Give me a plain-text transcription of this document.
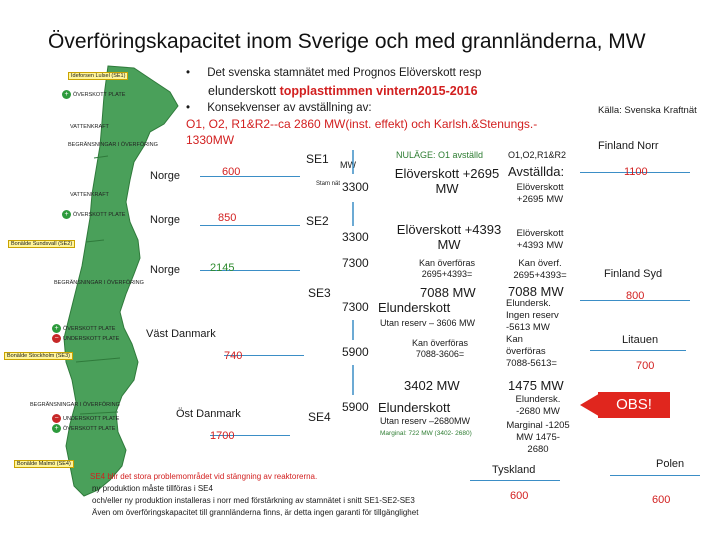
Överföringskapacitet inom Sverige och med grannländerna, MW
• Det svenska stamnätet med Prognos Elöverskott resp
elunderskott topplasttimmen vintern2015-2016
• Konsekvenser av avställning av:
O1, O2, R1&R2--ca 2860 MW(inst. effekt) och Karlsh.&Stenungs.-
1330MW
Källa: Svenska Kraftnät
Ideforsen Lulsel (SE1)
Bonälde Sundsvall (SE2)
Bonälde Stockholm (SE3)
Bonälde Malmö (SE4)
+ ÖVERSKOTT PLATE
VATTENKRAFT
BEGRÄNSNINGAR I ÖVERFÖRING
VATTENKRAFT
+ ÖVERSKOTT PLATE
BEGRÄNSNINGAR I ÖVERFÖRING
+ ÖVERSKOTT PLATE
− UNDERSKOTT PLATE
BEGRÄNSNINGAR I ÖVERFÖRING
− UNDERSKOTT PLATE
+ ÖVERSKOTT PLATE
Norge	600
Norge	850
Norge	2145
Väst Danmark
740
Öst Danmark
1700
SE1 MW
Stam nät 3300
SE2
3300
7300
SE3
7300
5900
SE4
5900
NULÄGE: O1 avställd
Elöverskott +2695 MW
Elöverskott +4393 MW
Kan överföras 2695+4393=
7088 MW
Elunderskott
Utan reserv – 3606 MW
Kan överföras 7088-3606=
3402 MW
Elunderskott
Utan reserv –2680MW
Marginal: 722 MW (3402- 2680)
O1,O2,R1&R2
Avställda:
Elöverskott +2695 MW
Elöverskott +4393 MW
Kan överf. 2695+4393=
7088 MW
Elundersk. Ingen reserv -5613 MW Kan överföras 7088-5613=
1475 MW
Elundersk. -2680 MW
Marginal -1205 MW 1475-2680
OBS!
Finland Norr
1100
Finland Syd
800
Litauen
700
Polen
600
Tyskland
600
SE4 blir det stora problemområdet vid stängning av reaktorerna.
ny produktion måste tillföras i SE4
och/eller ny produktion installeras i norr med förstärkning av stamnätet i snitt SE1-SE2-SE3
Även om överföringskapacitet till grannländerna finns, är detta ingen garanti för tillgänglighet
